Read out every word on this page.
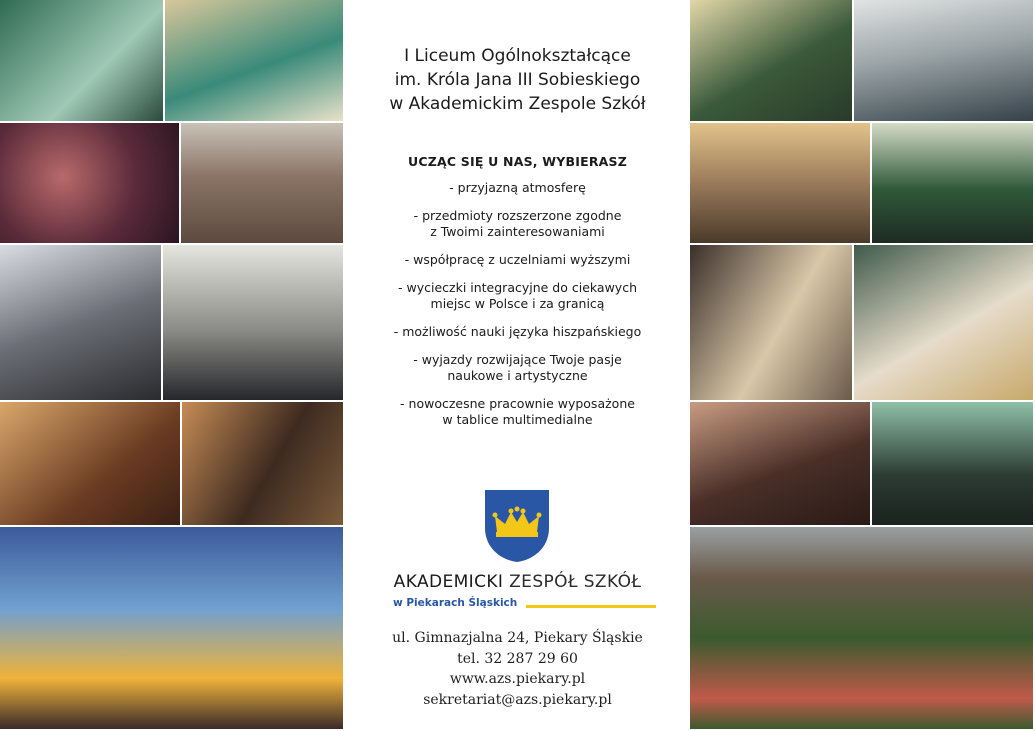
I Liceum Ogólnokształcące
im. Króla Jana III Sobieskiego
w Akademickim Zespole Szkół
UCZĄC SIĘ U NAS, WYBIERASZ
- przyjazną atmosferę
- przedmioty rozszerzone zgodne
z Twoimi zainteresowaniami
- współpracę z uczelniami wyższymi
- wycieczki integracyjne do ciekawych
miejsc w Polsce i za granicą
- możliwość nauki języka hiszpańskiego
- wyjazdy rozwijające Twoje pasje
naukowe i artystyczne
- nowoczesne pracownie wyposażone
w tablice multimedialne
AKADEMICKI ZESPÓŁ SZKÓŁ
w Piekarach Śląskich
ul. Gimnazjalna 24, Piekary Śląskie
tel. 32 287 29 60
www.azs.piekary.pl
sekretariat@azs.piekary.pl
